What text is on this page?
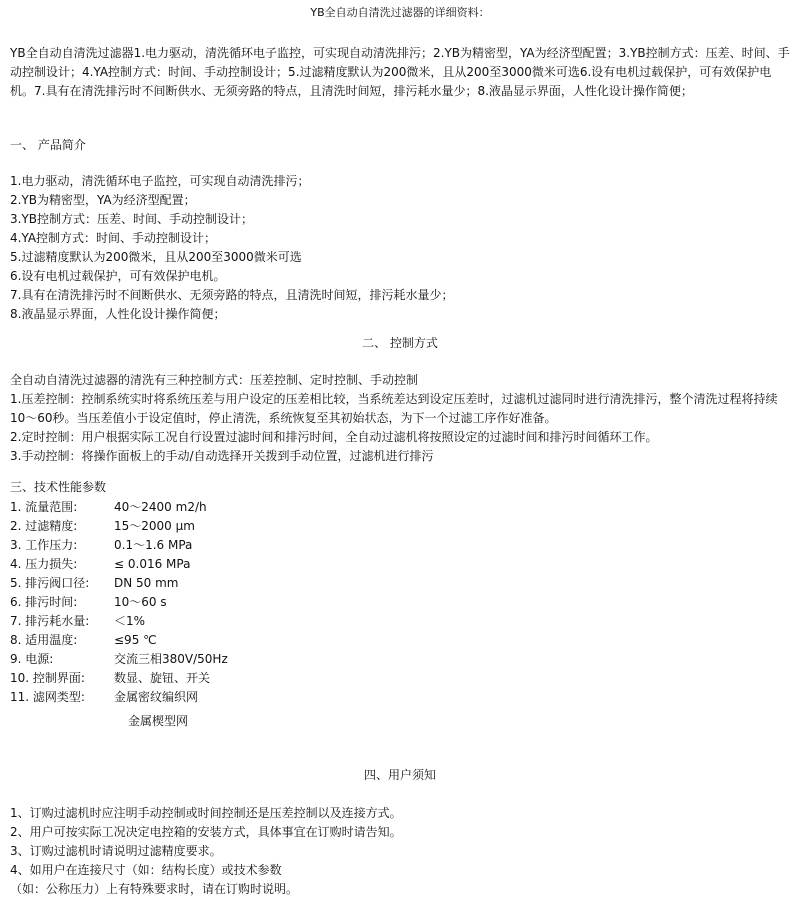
YB全自动自清洗过滤器的详细资料：
YB全自动自清洗过滤器1.电力驱动，清洗循环电子监控，可实现自动清洗排污；2.YB为精密型，YA为经济型配置；3.YB控制方式：压差、时间、手动控制设计；4.YA控制方式：时间、手动控制设计；5.过滤精度默认为200微米，且从200至3000微米可选6.设有电机过载保护，可有效保护电机。7.具有在清洗排污时不间断供水、无须旁路的特点，且清洗时间短，排污耗水量少；8.液晶显示界面，人性化设计操作简便；
一、 产品简介
1.电力驱动，清洗循环电子监控，可实现自动清洗排污；
2.YB为精密型，YA为经济型配置；
3.YB控制方式：压差、时间、手动控制设计；
4.YA控制方式：时间、手动控制设计；
5.过滤精度默认为200微米，且从200至3000微米可选
6.设有电机过载保护，可有效保护电机。
7.具有在清洗排污时不间断供水、无须旁路的特点，且清洗时间短，排污耗水量少；
8.液晶显示界面，人性化设计操作简便；
二、 控制方式
全自动自清洗过滤器的清洗有三种控制方式：压差控制、定时控制、手动控制
1.压差控制：控制系统实时将系统压差与用户设定的压差相比较，当系统差达到设定压差时，过滤机过滤同时进行清洗排污，整个清洗过程将持续10～60秒。当压差值小于设定值时，停止清洗，系统恢复至其初始状态，为下一个过滤工序作好准备。
2.定时控制：用户根据实际工况自行设置过滤时间和排污时间，全自动过滤机将按照设定的过滤时间和排污时间循环工作。
3.手动控制：将操作面板上的手动/自动选择开关拨到手动位置，过滤机进行排污
三、技术性能参数
1. 流量范围:	40～2400 m2/h
2. 过滤精度:	15～2000 μm
3. 工作压力:	0.1～1.6 MPa
4. 压力损失:	≤ 0.016 MPa
5. 排污阀口径:	DN 50 mm
6. 排污时间:	10～60 s
7. 排污耗水量:	＜1%
8. 适用温度:	≤95 ℃
9. 电源:	交流三相380V/50Hz
10. 控制界面:	数显、旋钮、开关
11. 滤网类型:	金属密纹编织网
金属楔型网
四、用户须知
1、订购过滤机时应注明手动控制或时间控制还是压差控制以及连接方式。
2、用户可按实际工况决定电控箱的安装方式，具体事宜在订购时请告知。
3、订购过滤机时请说明过滤精度要求。
4、如用户在连接尺寸（如：结构长度）或技术参数
（如：公称压力）上有特殊要求时，请在订购时说明。
